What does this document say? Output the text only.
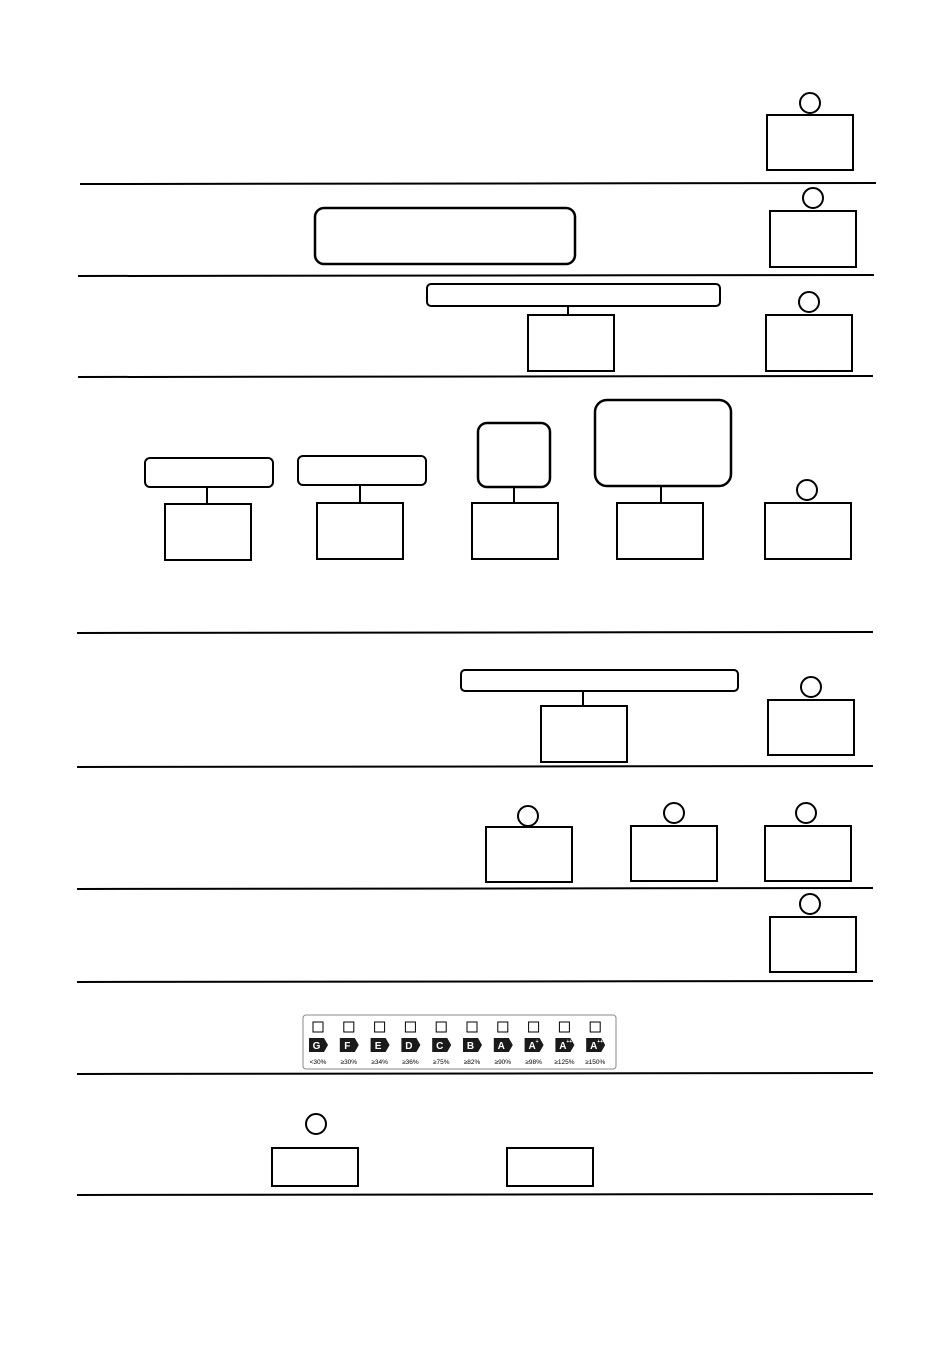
G
<30%
F
≥30%
E
≥34%
D
≥36%
C
≥75%
B
≥82%
A
≥90%
A +
≥98%
A ++
≥125%
A +++
≥150%
